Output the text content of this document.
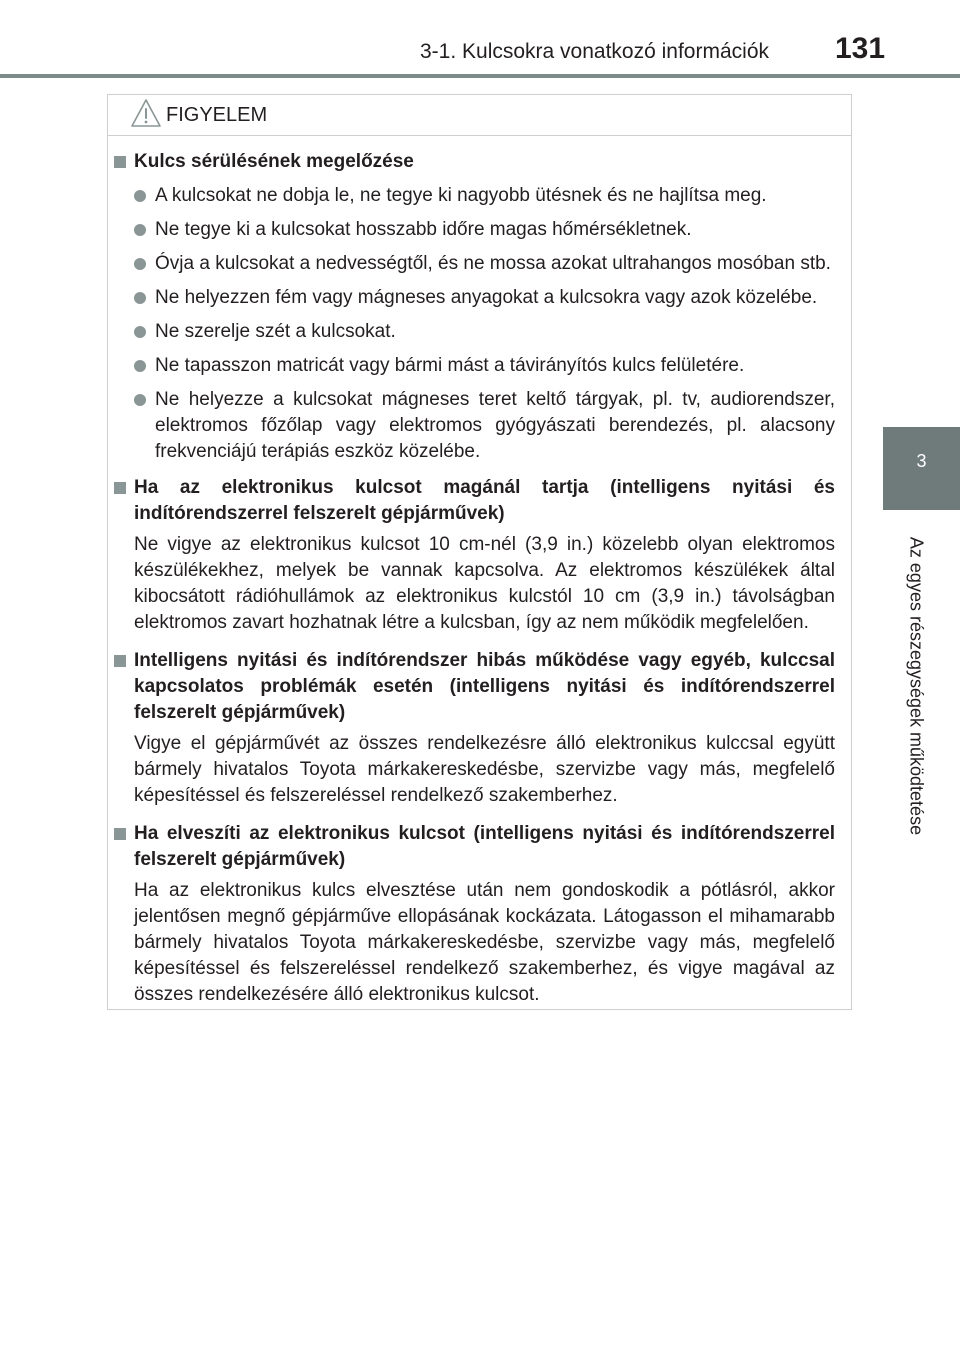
3-1. Kulcsokra vonatkozó információk 131
3
Az egyes részegységek működtetése
FIGYELEM
Kulcs sérülésének megelőzése
A kulcsokat ne dobja le, ne tegye ki nagyobb ütésnek és ne hajlítsa meg.
Ne tegye ki a kulcsokat hosszabb időre magas hőmérsékletnek.
Óvja a kulcsokat a nedvességtől, és ne mossa azokat ultrahangos mosóban stb.
Ne helyezzen fém vagy mágneses anyagokat a kulcsokra vagy azok közelébe.
Ne szerelje szét a kulcsokat.
Ne tapasszon matricát vagy bármi mást a távirányítós kulcs felületére.
Ne helyezze a kulcsokat mágneses teret keltő tárgyak, pl. tv, audiorendszer, elektromos főzőlap vagy elektromos gyógyászati berendezés, pl. alacsony frekvenciájú terápiás eszköz közelébe.
Ha az elektronikus kulcsot magánál tartja (intelligens nyitási és indítórendszerrel felszerelt gépjárművek)
Ne vigye az elektronikus kulcsot 10 cm-nél (3,9 in.) közelebb olyan elektromos készülékekhez, melyek be vannak kapcsolva. Az elektromos készülékek által kibocsátott rádióhullámok az elektronikus kulcstól 10 cm (3,9 in.) távolságban elektromos zavart hozhatnak létre a kulcsban, így az nem működik megfelelően.
Intelligens nyitási és indítórendszer hibás működése vagy egyéb, kulccsal kapcsolatos problémák esetén (intelligens nyitási és indítórendszerrel felszerelt gépjárművek)
Vigye el gépjárművét az összes rendelkezésre álló elektronikus kulccsal együtt bármely hivatalos Toyota márkakereskedésbe, szervizbe vagy más, megfelelő képesítéssel és felszereléssel rendelkező szakemberhez.
Ha elveszíti az elektronikus kulcsot (intelligens nyitási és indítórendszerrel felszerelt gépjárművek)
Ha az elektronikus kulcs elvesztése után nem gondoskodik a pótlásról, akkor jelentősen megnő gépjárműve ellopásának kockázata. Látogasson el mihamarabb bármely hivatalos Toyota márkakereskedésbe, szervizbe vagy más, megfelelő képesítéssel és felszereléssel rendelkező szakemberhez, és vigye magával az összes rendelkezésére álló elektronikus kulcsot.
